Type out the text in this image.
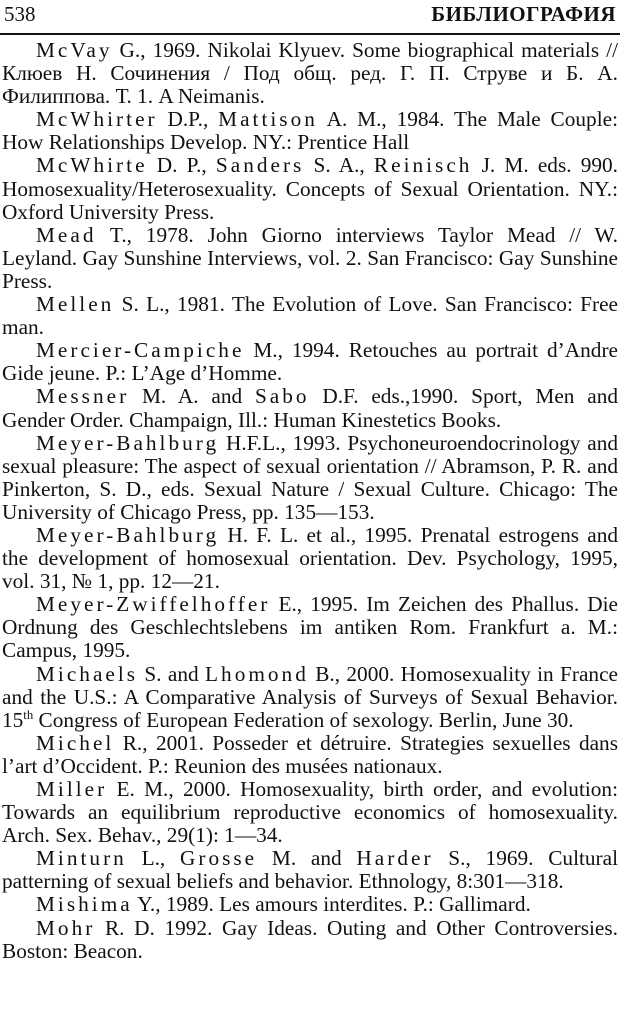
538	БИБЛИОГРАФИЯ

McVay G., 1969. Nikolai Klyuev. Some biographical materials // Клюев Н. Сочинения / Под общ. ред. Г. П. Струве и Б. А. Филиппова. Т. 1. A Neimanis.

McWhirter D.P., Mattison A. M., 1984. The Male Couple: How Relationships Develop. NY.: Prentice Hall

McWhirte D. P., Sanders S. A., Reinisch J. M. eds. 990. Homosexuality/Heterosexuality. Concepts of Sexual Orientation. NY.: Oxford University Press.

Mead T., 1978. John Giorno interviews Taylor Mead // W. Leyland. Gay Sunshine Interviews, vol. 2. San Francisco: Gay Sunshine Press.

Mellen S. L., 1981. The Evolution of Love. San Francisco: Free man.

Mercier-Campiche M., 1994. Retouches au portrait d’Andre Gide jeune. P.: L’Age d’Homme.

Messner M. A. and Sabo D.F. eds.,1990. Sport, Men and Gender Order. Champaign, Ill.: Human Kinestetics Books.

Meyer-Bahlburg H.F.L., 1993. Psychoneuroendocrinology and sexual pleasure: The aspect of sexual orientation // Abramson, P. R. and Pinkerton, S. D., eds. Sexual Nature / Sexual Culture. Chicago: The University of Chicago Press, pp. 135—153.

Meyer-Bahlburg H. F. L. et al., 1995. Prenatal estrogens and the development of homosexual orientation. Dev. Psychology, 1995, vol. 31, № 1, pp. 12—21.

Meyer-Zwiffelhoffer E., 1995. Im Zeichen des Phallus. Die Ordnung des Geschlechtslebens im antiken Rom. Frankfurt a. M.: Campus, 1995.

Michaels S. and Lhomond B., 2000. Homosexuality in France and the U.S.: A Comparative Analysis of Surveys of Sexual Behavior. 15th Congress of European Federation of sexology. Berlin, June 30.

Michel R., 2001. Posseder et détruire. Strategies sexuelles dans l’art d’Occident. P.: Reunion des musées nationaux.

Miller E. M., 2000. Homosexuality, birth order, and evolution: Towards an equilibrium reproductive economics of homosexuality. Arch. Sex. Behav., 29(1): 1—34.

Minturn L., Grosse M. and Harder S., 1969. Cultural patterning of sexual beliefs and behavior. Ethnology, 8:301—318.

Mishima Y., 1989. Les amours interdites. P.: Gallimard.

Mohr R. D. 1992. Gay Ideas. Outing and Other Controversies. Boston: Beacon.
